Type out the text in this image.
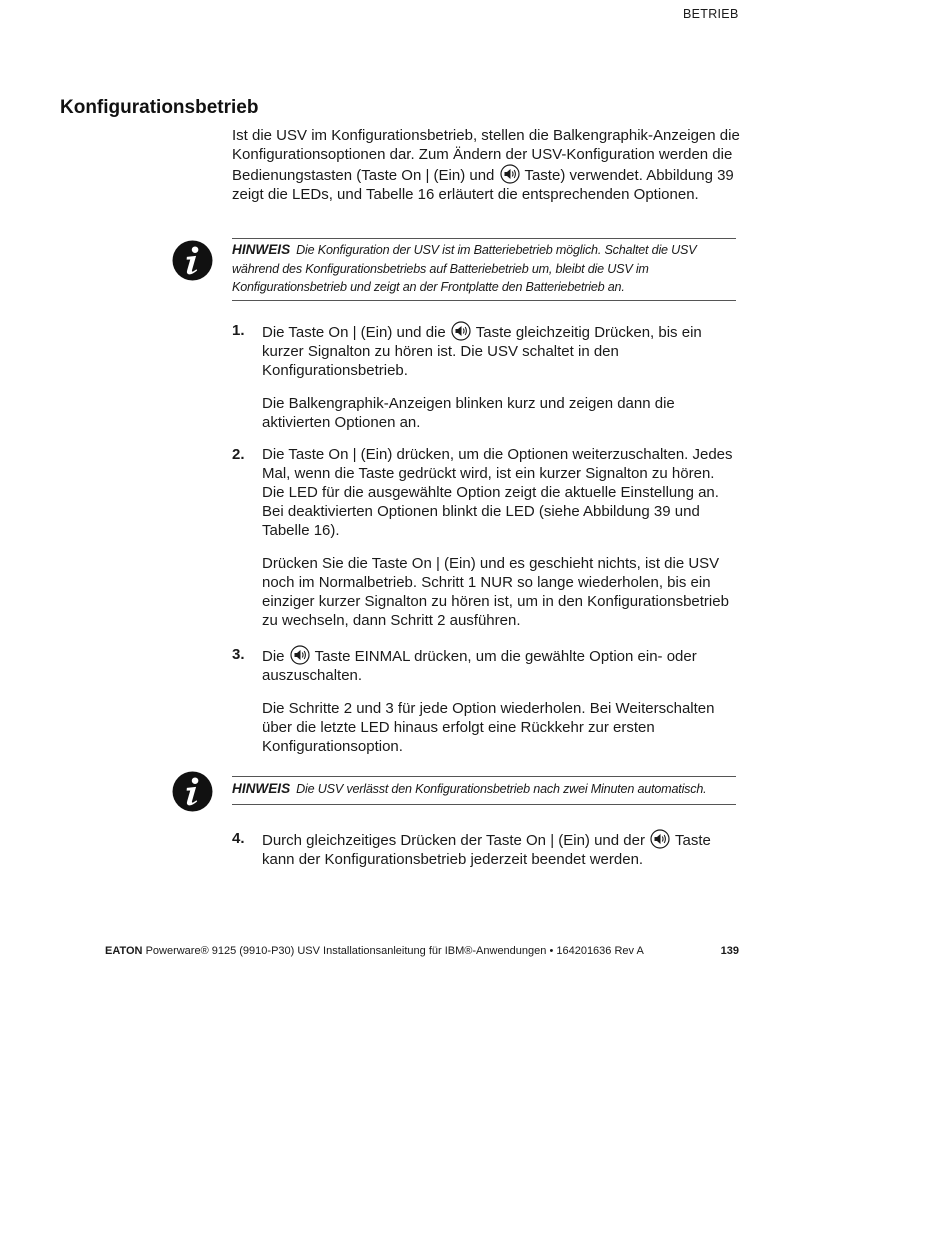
BETRIEB
Konfigurationsbetrieb
Ist die USV im Konfigurationsbetrieb, stellen die Balkengraphik-Anzeigen die Konfigurationsoptionen dar. Zum Ändern der USV-Konfiguration werden die Bedienungstasten (Taste On | (Ein) und Taste) verwendet. Abbildung 39 zeigt die LEDs, und Tabelle 16 erläutert die entsprechenden Optionen.
HINWEIS Die Konfiguration der USV ist im Batteriebetrieb möglich. Schaltet die USV während des Konfigurationsbetriebs auf Batteriebetrieb um, bleibt die USV im Konfigurationsbetrieb und zeigt an der Frontplatte den Batteriebetrieb an.
1.	Die Taste On | (Ein) und die Taste gleichzeitig Drücken, bis ein kurzer Signalton zu hören ist. Die USV schaltet in den Konfigurationsbetrieb.

Die Balkengraphik-Anzeigen blinken kurz und zeigen dann die aktivierten Optionen an.

2.	Die Taste On | (Ein) drücken, um die Optionen weiterzuschalten. Jedes Mal, wenn die Taste gedrückt wird, ist ein kurzer Signalton zu hören. Die LED für die ausgewählte Option zeigt die aktuelle Einstellung an. Bei deaktivierten Optionen blinkt die LED (siehe Abbildung 39 und Tabelle 16).

Drücken Sie die Taste On | (Ein) und es geschieht nichts, ist die USV noch im Normalbetrieb. Schritt 1 NUR so lange wiederholen, bis ein einziger kurzer Signalton zu hören ist, um in den Konfigurationsbetrieb zu wechseln, dann Schritt 2 ausführen.

3.	Die Taste EINMAL drücken, um die gewählte Option ein- oder auszuschalten.

Die Schritte 2 und 3 für jede Option wiederholen. Bei Weiterschalten über die letzte LED hinaus erfolgt eine Rückkehr zur ersten Konfigurationsoption.

HINWEIS Die USV verlässt den Konfigurationsbetrieb nach zwei Minuten automatisch.
4.	Durch gleichzeitiges Drücken der Taste On | (Ein) und der Taste kann der Konfigurationsbetrieb jederzeit beendet werden.

EATON Powerware® 9125 (9910-P30) USV Installationsanleitung für IBM®-Anwendungen • 164201636 Rev A	139
